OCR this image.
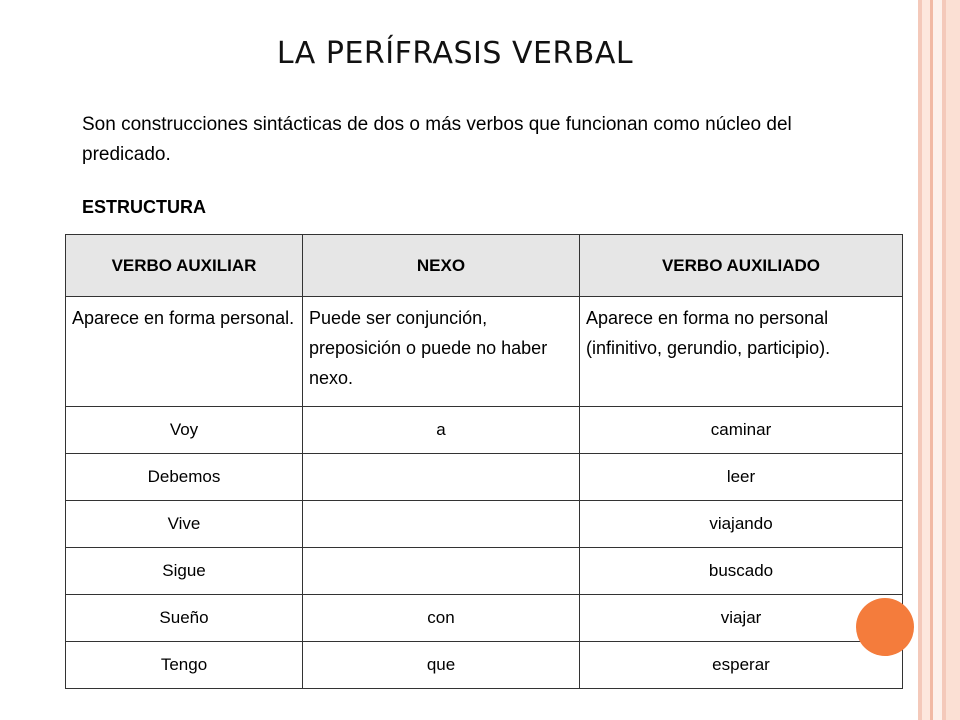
LA PERÍFRASIS VERBAL
Son construcciones sintácticas de dos o más verbos que funcionan como núcleo del predicado.
ESTRUCTURA
VERBO AUXILIAR	NEXO	VERBO AUXILIADO
Aparece en forma personal.	Puede ser conjunción, preposición o puede no haber nexo.	Aparece en forma no personal (infinitivo, gerundio, participio).
Voy	a	caminar
Debemos		leer
Vive		viajando
Sigue		buscado
Sueño	con	viajar
Tengo	que	esperar
